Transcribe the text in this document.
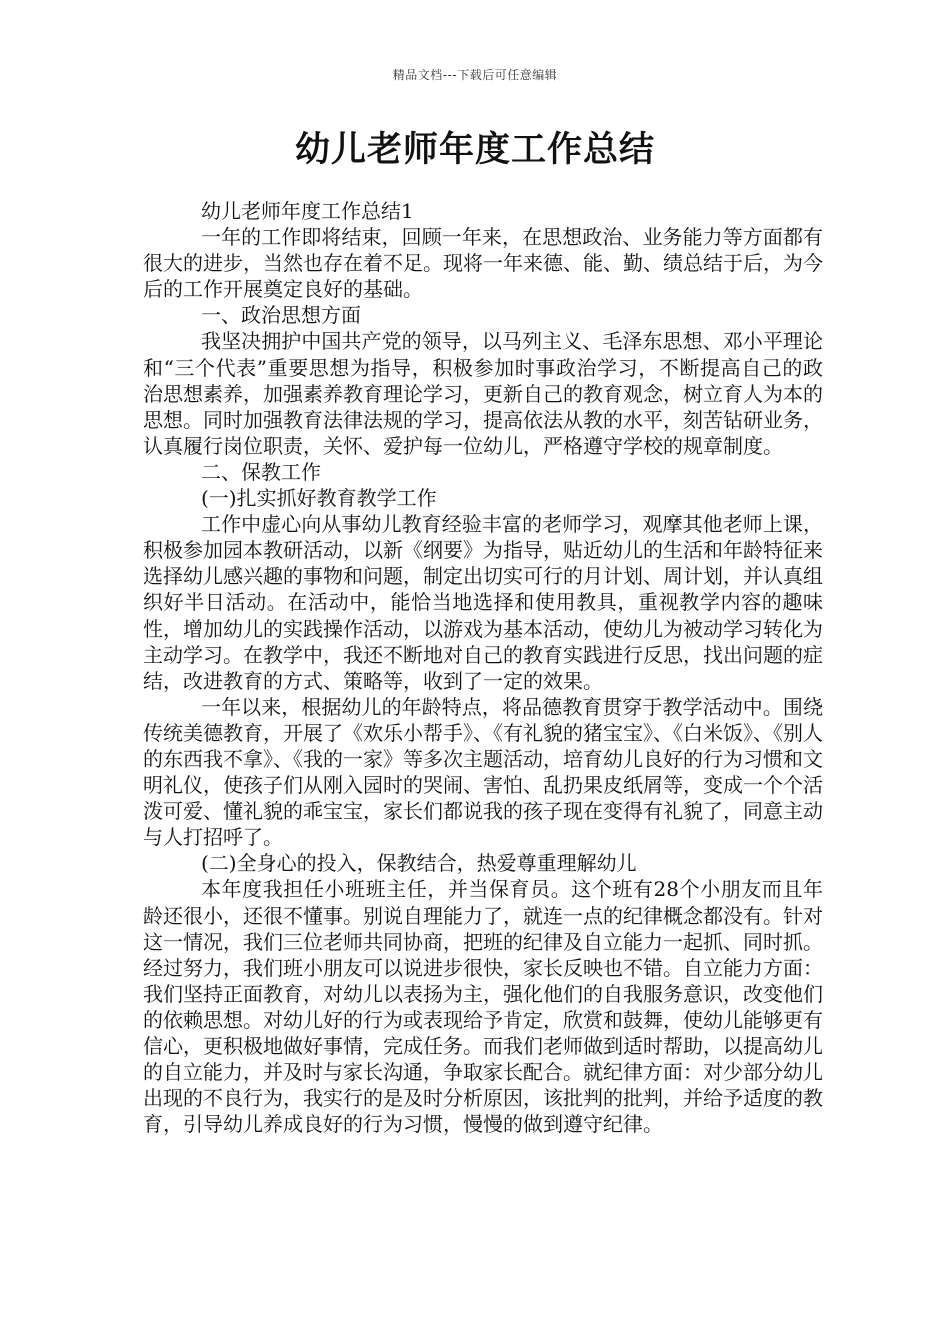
精品文档---下载后可任意编辑
幼儿老师年度工作总结

幼儿老师年度工作总结1

一年的工作即将结束，回顾一年来，在思想政治、业务能力等方面都有很大的进步，当然也存在着不足。现将一年来德、能、勤、绩总结于后，为今后的工作开展奠定良好的基础。

一、政治思想方面

我坚决拥护中国共产党的领导，以马列主义、毛泽东思想、邓小平理论和“三个代表”重要思想为指导，积极参加时事政治学习，不断提高自己的政治思想素养，加强素养教育理论学习，更新自己的教育观念，树立育人为本的思想。同时加强教育法律法规的学习，提高依法从教的水平，刻苦钻研业务，认真履行岗位职责，关怀、爱护每一位幼儿，严格遵守学校的规章制度。

二、保教工作

(一)扎实抓好教育教学工作

工作中虚心向从事幼儿教育经验丰富的老师学习，观摩其他老师上课，积极参加园本教研活动，以新《纲要》为指导，贴近幼儿的生活和年龄特征来选择幼儿感兴趣的事物和问题，制定出切实可行的月计划、周计划，并认真组织好半日活动。在活动中，能恰当地选择和使用教具，重视教学内容的趣味性，增加幼儿的实践操作活动，以游戏为基本活动，使幼儿为被动学习转化为主动学习。在教学中，我还不断地对自己的教育实践进行反思，找出问题的症结，改进教育的方式、策略等，收到了一定的效果。

一年以来，根据幼儿的年龄特点，将品德教育贯穿于教学活动中。围绕传统美德教育，开展了《欢乐小帮手》、《有礼貌的猪宝宝》、《白米饭》、《别人的东西我不拿》、《我的一家》等多次主题活动，培育幼儿良好的行为习惯和文明礼仪，使孩子们从刚入园时的哭闹、害怕、乱扔果皮纸屑等，变成一个个活泼可爱、懂礼貌的乖宝宝，家长们都说我的孩子现在变得有礼貌了，同意主动与人打招呼了。

(二)全身心的投入，保教结合，热爱尊重理解幼儿

本年度我担任小班班主任，并当保育员。这个班有28个小朋友而且年龄还很小，还很不懂事。别说自理能力了，就连一点的纪律概念都没有。针对这一情况，我们三位老师共同协商，把班的纪律及自立能力一起抓、同时抓。经过努力，我们班小朋友可以说进步很快，家长反映也不错。自立能力方面：我们坚持正面教育，对幼儿以表扬为主，强化他们的自我服务意识，改变他们的依赖思想。对幼儿好的行为或表现给予肯定，欣赏和鼓舞，使幼儿能够更有信心，更积极地做好事情，完成任务。而我们老师做到适时帮助，以提高幼儿的自立能力，并及时与家长沟通，争取家长配合。就纪律方面：对少部分幼儿出现的不良行为，我实行的是及时分析原因，该批判的批判，并给予适度的教育，引导幼儿养成良好的行为习惯，慢慢的做到遵守纪律。
